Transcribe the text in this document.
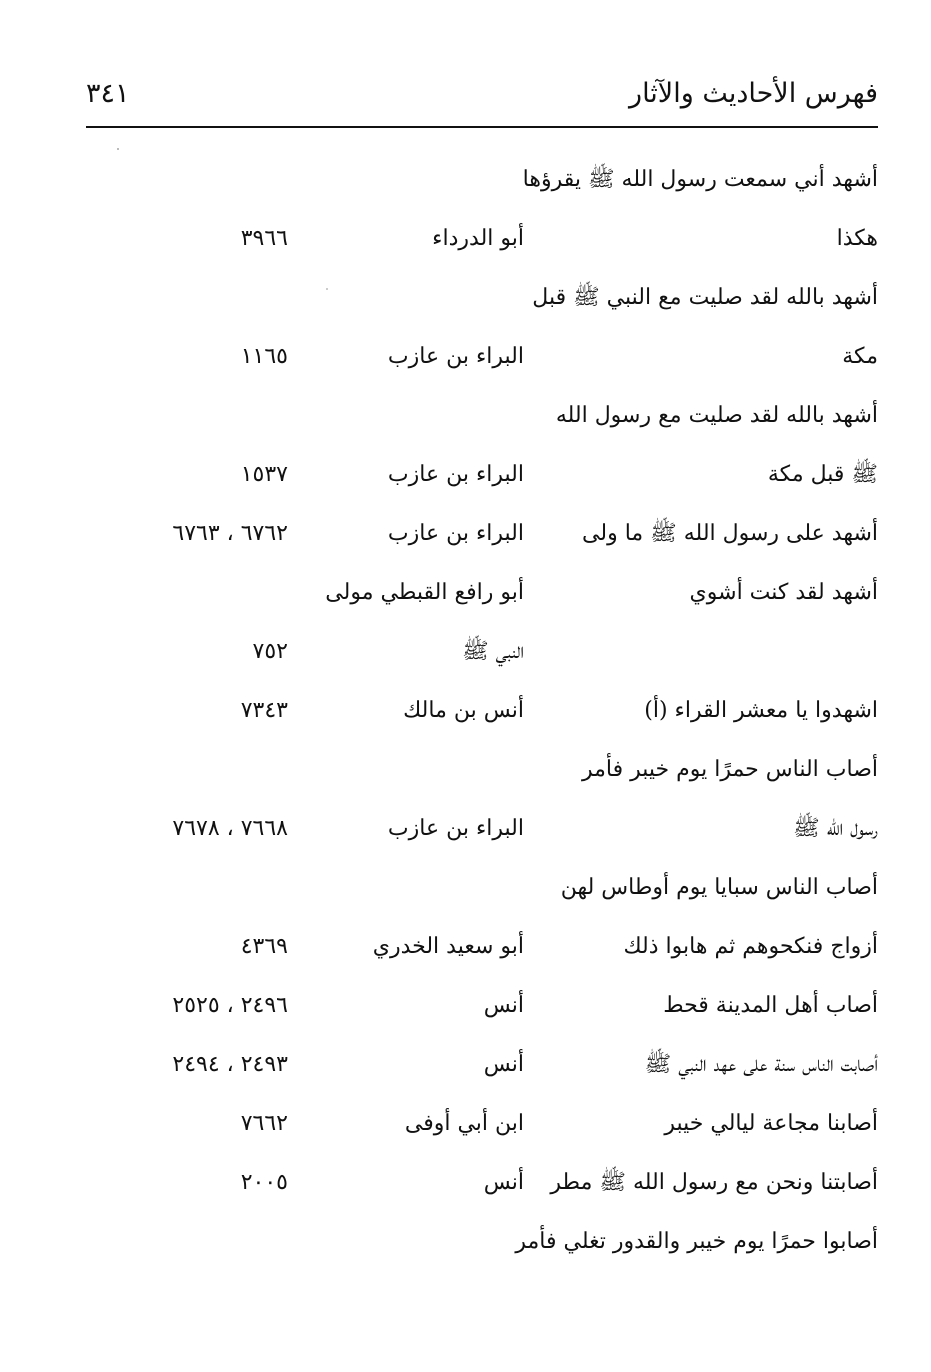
فهرس الأحاديث والآثار
٣٤١
أشهد أني سمعت رسول الله ﷺ يقرؤها
هكذا
أبو الدرداء
٣٩٦٦
أشهد بالله لقد صليت مع النبي ﷺ قبل
مكة
البراء بن عازب
١١٦٥
أشهد بالله لقد صليت مع رسول الله
ﷺ قبل مكة
البراء بن عازب
١٥٣٧
أشهد على رسول الله ﷺ ما ولى
البراء بن عازب
٦٧٦٢ ، ٦٧٦٣
أشهد لقد كنت أشوي
أبو رافع القبطي مولى
النبي ﷺ
٧٥٢
اشهدوا يا معشر القراء (أ)
أنس بن مالك
٧٣٤٣
أصاب الناس حمرًا يوم خيبر فأمر
رسول الله ﷺ
البراء بن عازب
٧٦٦٨ ، ٧٦٧٨
أصاب الناس سبايا يوم أوطاس لهن
أزواج فنكحوهم ثم هابوا ذلك
أبو سعيد الخدري
٤٣٦٩
أصاب أهل المدينة قحط
أنس
٢٤٩٦ ، ٢٥٢٥
أصابت الناس سنة على عهد النبي ﷺ
أنس
٢٤٩٣ ، ٢٤٩٤
أصابنا مجاعة ليالي خيبر
ابن أبي أوفى
٧٦٦٢
أصابتنا ونحن مع رسول الله ﷺ مطر
أنس
٢٠٠٥
أصابوا حمرًا يوم خيبر والقدور تغلي فأمر
